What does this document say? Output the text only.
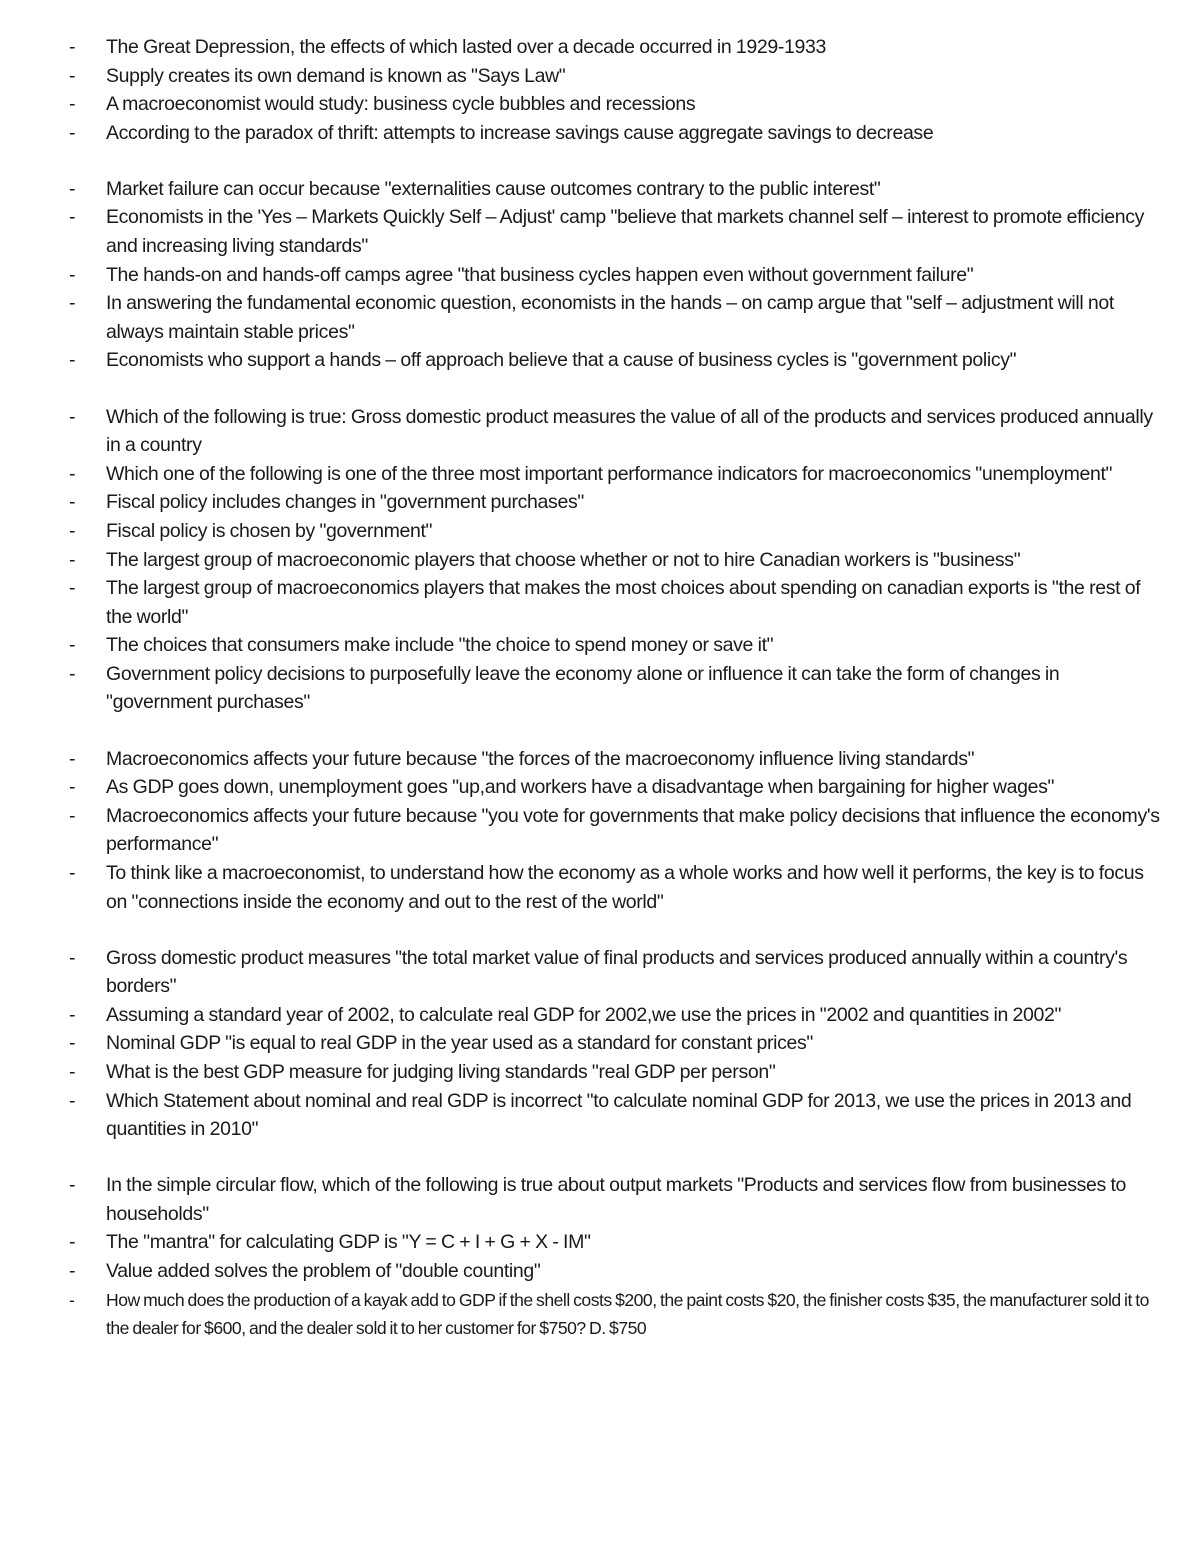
- The Great Depression, the effects of which lasted over a decade occurred in 1929-1933
- Supply creates its own demand is known as "Says Law"
- A macroeconomist would study: business cycle bubbles and recessions
- According to the paradox of thrift: attempts to increase savings cause aggregate savings to decrease
- Market failure can occur because "externalities cause outcomes contrary to the public interest"
- Economists in the 'Yes – Markets Quickly Self – Adjust' camp "believe that markets channel self – interest to promote efficiency and increasing living standards"
- The hands-on and hands-off camps agree "that business cycles happen even without government failure"
- In answering the fundamental economic question, economists in the hands – on camp argue that "self – adjustment will not always maintain stable prices"
- Economists who support a hands – off approach believe that a cause of business cycles is "government policy"
- Which of the following is true: Gross domestic product measures the value of all of the products and services produced annually in a country
- Which one of the following is one of the three most important performance indicators for macroeconomics "unemployment"
- Fiscal policy includes changes in "government purchases"
- Fiscal policy is chosen by "government"
- The largest group of macroeconomic players that choose whether or not to hire Canadian workers is "business"
- The largest group of macroeconomics players that makes the most choices about spending on canadian exports is "the rest of the world"
- The choices that consumers make include "the choice to spend money or save it"
- Government policy decisions to purposefully leave the economy alone or influence it can take the form of changes in "government purchases"
- Macroeconomics affects your future because "the forces of the macroeconomy influence living standards"
- As GDP goes down, unemployment goes "up,and workers have a disadvantage when bargaining for higher wages"
- Macroeconomics affects your future because "you vote for governments that make policy decisions that influence the economy's performance"
- To think like a macroeconomist, to understand how the economy as a whole works and how well it performs, the key is to focus on "connections inside the economy and out to the rest of the world"
- Gross domestic product measures "the total market value of final products and services produced annually within a country's borders"
- Assuming a standard year of 2002, to calculate real GDP for 2002,we use the prices in "2002 and quantities in 2002"
- Nominal GDP "is equal to real GDP in the year used as a standard for constant prices"
- What is the best GDP measure for judging living standards "real GDP per person"
- Which Statement about nominal and real GDP is incorrect "to calculate nominal GDP for 2013, we use the prices in 2013 and quantities in 2010"
- In the simple circular flow, which of the following is true about output markets "Products and services flow from businesses to households"
- The "mantra" for calculating GDP is "Y = C + I + G + X - IM"
- Value added solves the problem of "double counting"
- How much does the production of a kayak add to GDP if the shell costs $200, the paint costs $20, the finisher costs $35, the manufacturer sold it to the dealer for $600, and the dealer sold it to her customer for $750? D. $750
